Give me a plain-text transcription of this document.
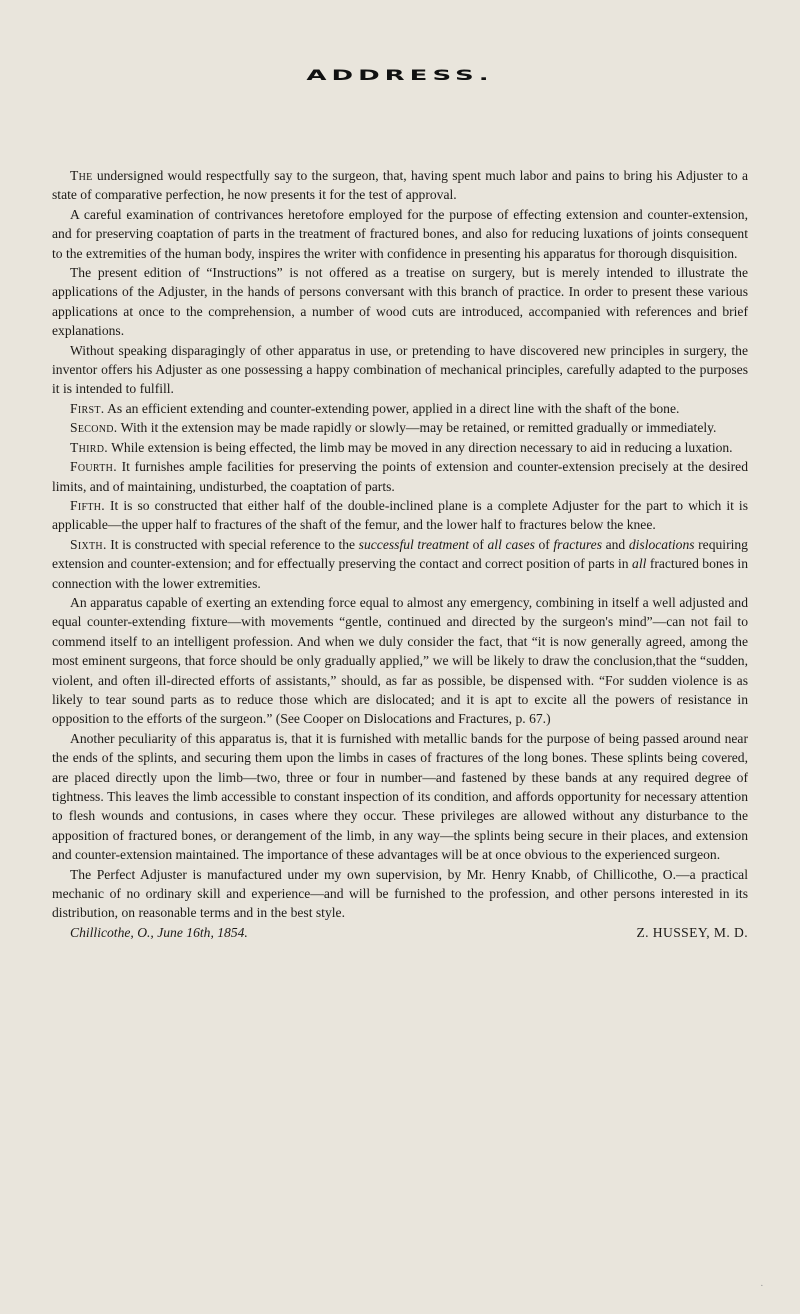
ADDRESS.

The undersigned would respectfully say to the surgeon, that, having spent much labor and pains to bring his Adjuster to a state of comparative perfection, he now presents it for the test of approval.

A careful examination of contrivances heretofore employed for the purpose of effecting extension and counter-extension, and for preserving coaptation of parts in the treatment of fractured bones, and also for reducing luxations of joints consequent to the extremities of the human body, inspires the writer with confidence in presenting his apparatus for thorough disquisition.

The present edition of “Instructions” is not offered as a treatise on surgery, but is merely intended to illustrate the applications of the Adjuster, in the hands of persons conversant with this branch of practice. In order to present these various applications at once to the comprehension, a number of wood cuts are introduced, accompanied with references and brief explanations.

Without speaking disparagingly of other apparatus in use, or pretending to have discovered new principles in surgery, the inventor offers his Adjuster as one possessing a happy combination of mechanical principles, carefully adapted to the purposes it is intended to fulfill.

First. As an efficient extending and counter-extending power, applied in a direct line with the shaft of the bone.

Second. With it the extension may be made rapidly or slowly—may be retained, or remitted gradually or immediately.

Third. While extension is being effected, the limb may be moved in any direction necessary to aid in reducing a luxation.

Fourth. It furnishes ample facilities for preserving the points of extension and counter-extension precisely at the desired limits, and of maintaining, undisturbed, the coaptation of parts.

Fifth. It is so constructed that either half of the double-inclined plane is a complete Adjuster for the part to which it is applicable—the upper half to fractures of the shaft of the femur, and the lower half to fractures below the knee.

Sixth. It is constructed with special reference to the successful treatment of all cases of fractures and dislocations requiring extension and counter-extension; and for effectually preserving the contact and correct position of parts in all fractured bones in connection with the lower extremities.

An apparatus capable of exerting an extending force equal to almost any emergency, combining in itself a well adjusted and equal counter-extending fixture—with movements “gentle, continued and directed by the surgeon's mind”—can not fail to commend itself to an intelligent profession. And when we duly consider the fact, that “it is now generally agreed, among the most eminent surgeons, that force should be only gradually applied,” we will be likely to draw the conclusion,that the “sudden, violent, and often ill-directed efforts of assistants,” should, as far as possible, be dispensed with. “For sudden violence is as likely to tear sound parts as to reduce those which are dislocated; and it is apt to excite all the powers of resistance in opposition to the efforts of the surgeon.” (See Cooper on Dislocations and Fractures, p. 67.)

Another peculiarity of this apparatus is, that it is furnished with metallic bands for the purpose of being passed around near the ends of the splints, and securing them upon the limbs in cases of fractures of the long bones. These splints being covered, are placed directly upon the limb—two, three or four in number—and fastened by these bands at any required degree of tightness. This leaves the limb accessible to constant inspection of its condition, and affords opportunity for necessary attention to flesh wounds and contusions, in cases where they occur. These privileges are allowed without any disturbance to the apposition of fractured bones, or derangement of the limb, in any way—the splints being secure in their places, and extension and counter-extension maintained. The importance of these advantages will be at once obvious to the experienced surgeon.

The Perfect Adjuster is manufactured under my own supervision, by Mr. Henry Knabb, of Chillicothe, O.—a practical mechanic of no ordinary skill and experience—and will be furnished to the profession, and other persons interested in its distribution, on reasonable terms and in the best style.

Chillicothe, O., June 16th, 1854.	Z. HUSSEY, M. D.

·
